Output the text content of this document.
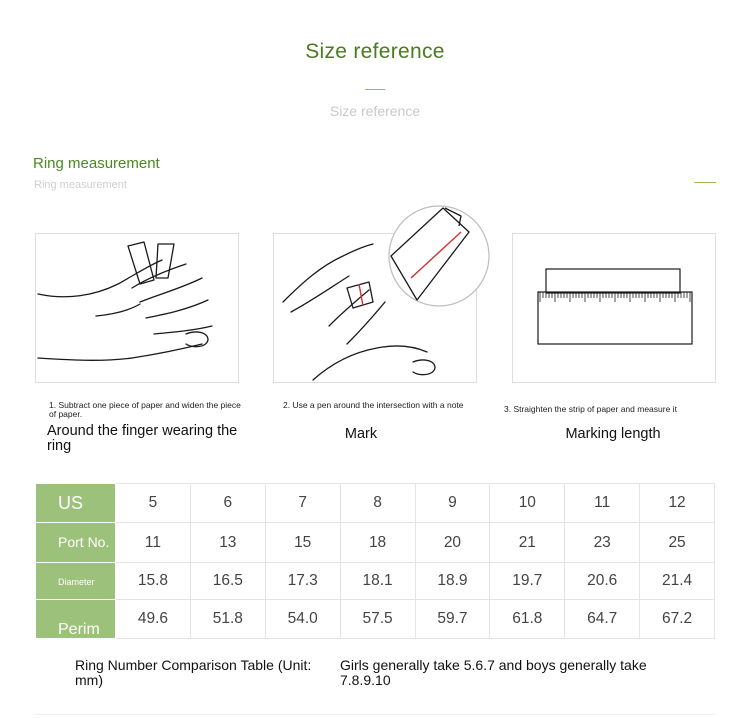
Size reference
Size reference
Ring measurement
Ring measurement
1. Subtract one piece of paper and widen the piece of paper.
Around the finger wearing the ring
2. Use a pen around the intersection with a note
Mark
3. Straighten the strip of paper and measure it
Marking length
US	5	6	7	8	9	10	11	12
Port No.	11	13	15	18	20	21	23	25
Diameter	15.8	16.5	17.3	18.1	18.9	19.7	20.6	21.4
Perim	49.6	51.8	54.0	57.5	59.7	61.8	64.7	67.2
Ring Number Comparison Table (Unit: mm)
Girls generally take 5.6.7 and boys generally take 7.8.9.10
